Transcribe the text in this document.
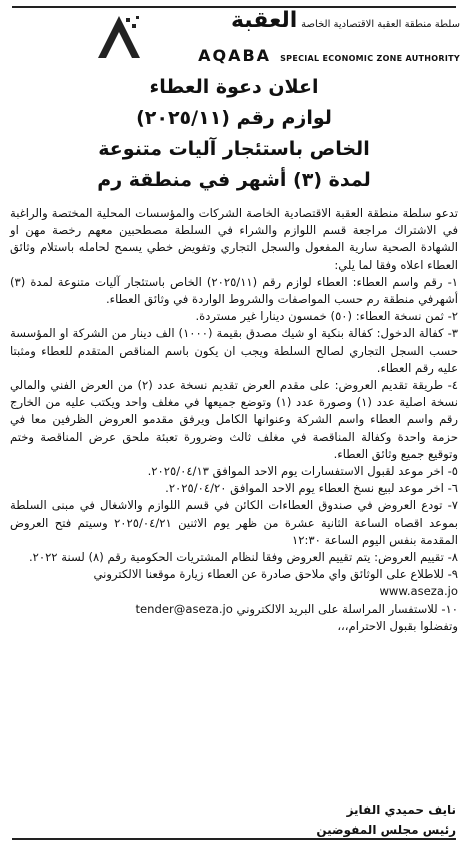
سلطة منطقة العقبة الاقتصادية الخاصة العقبة
AQABA SPECIAL ECONOMIC ZONE AUTHORITY
اعلان دعوة العطاء
لوازم رقم (٢٠٢٥/١١)
الخاص باستئجار آليات متنوعة
لمدة (٣) أشهر في منطقة رم

تدعو سلطة منطقة العقبة الاقتصادية الخاصة الشركات والمؤسسات المحلية المختصة والراغبة في الاشتراك مراجعة قسم اللوازم والشراء في السلطة مصطحبين معهم رخصة مهن او الشهادة الصحية سارية المفعول والسجل التجاري وتفويض خطي يسمح لحامله باستلام وثائق العطاء اعلاه وفقا لما يلي:

١- رقم واسم العطاء: العطاء لوازم رقم (٢٠٢٥/١١) الخاص باستئجار آليات متنوعة لمدة (٣) أشهرفي منطقة رم حسب المواصفات والشروط الواردة في وثائق العطاء.

٢- ثمن نسخة العطاء: (٥٠) خمسون دينارا غير مستردة.

٣- كفالة الدخول: كفالة بنكية او شيك مصدق بقيمة (١٠٠٠) الف دينار من الشركة او المؤسسة حسب السجل التجاري لصالح السلطة ويجب ان يكون باسم المناقص المتقدم للعطاء ومثبتا عليه رقم العطاء.

٤- طريقة تقديم العروض: على مقدم العرض تقديم نسخة عدد (٢) من العرض الفني والمالي نسخة اصلية عدد (١) وصورة عدد (١) وتوضع جميعها في مغلف واحد ويكتب عليه من الخارج رقم واسم العطاء واسم الشركة وعنوانها الكامل ويرفق مقدمو العروض الظرفين معا في حزمة واحدة وكفالة المناقصة في مغلف ثالث وضرورة تعبئة ملحق عرض المناقصة وختم وتوقيع جميع وثائق العطاء.

٥- اخر موعد لقبول الاستفسارات يوم الاحد الموافق ٢٠٢٥/٠٤/١٣.

٦- اخر موعد لبيع نسخ العطاء يوم الاحد الموافق ٢٠٢٥/٠٤/٢٠.

٧- تودع العروض في صندوق العطاءات الكائن في قسم اللوازم والاشغال في مبنى السلطة بموعد اقصاه الساعة الثانية عشرة من ظهر يوم الاثنين ٢٠٢٥/٠٤/٢١ وسيتم فتح العروض المقدمة بنفس اليوم الساعة ١٢:٣٠

٨- تقييم العروض: يتم تقييم العروض وفقا لنظام المشتريات الحكومية رقم (٨) لسنة ٢٠٢٢.

٩- للاطلاع على الوثائق واي ملاحق صادرة عن العطاء زيارة موقعنا الالكتروني

www.aseza.jo

١٠- للاستفسار المراسلة على البريد الالكتروني tender@aseza.jo

وتفضلوا بقبول الاحترام،،،

نايف حميدي الفايز
رئيس مجلس المفوضين
